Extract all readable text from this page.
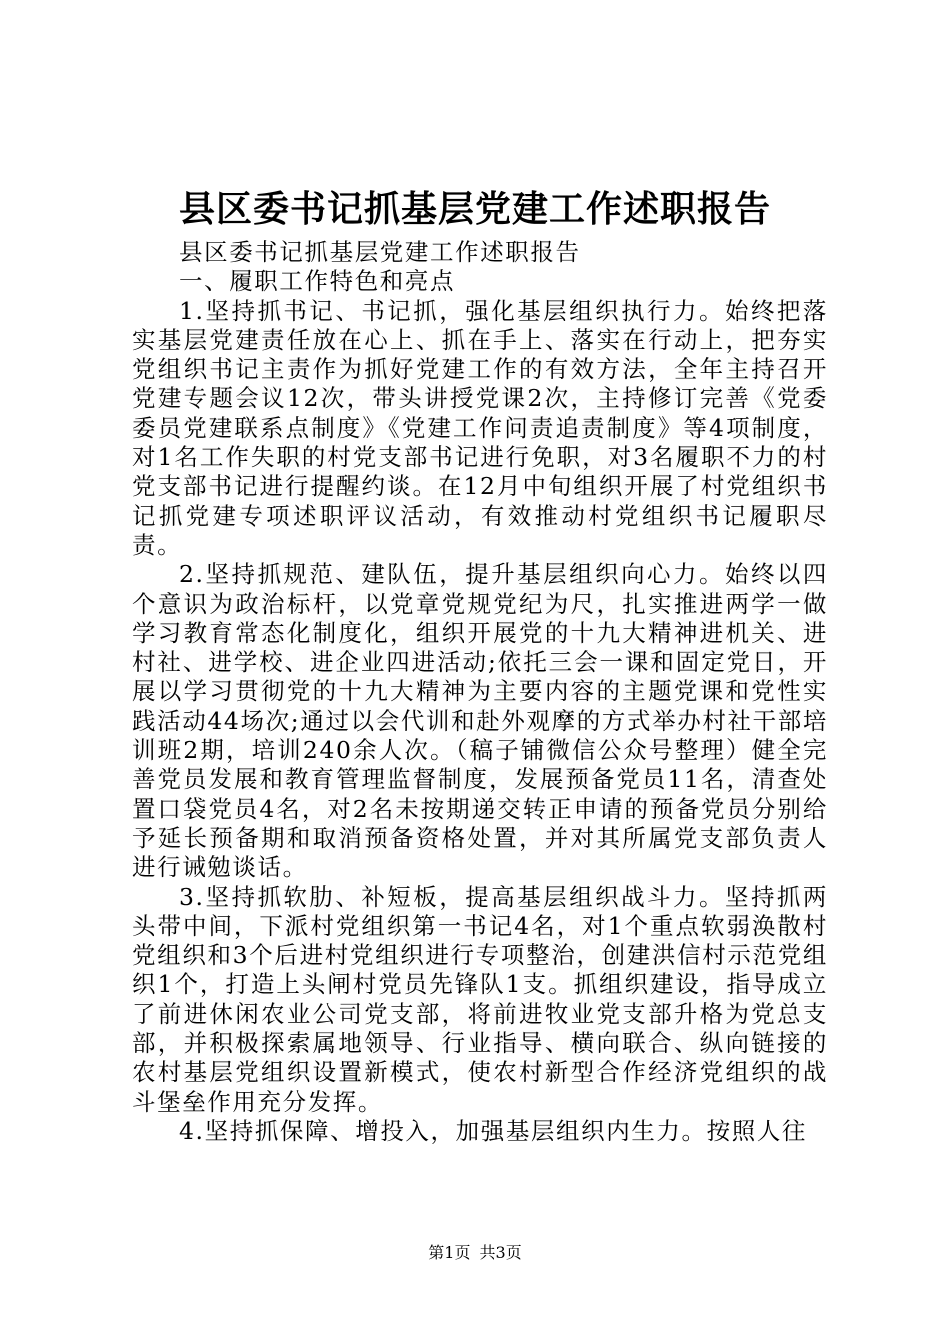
县区委书记抓基层党建工作述职报告

县区委书记抓基层党建工作述职报告

一、履职工作特色和亮点

1.坚持抓书记、书记抓，强化基层组织执行力。始终把落实基层党建责任放在心上、抓在手上、落实在行动上，把夯实党组织书记主责作为抓好党建工作的有效方法，全年主持召开党建专题会议12次，带头讲授党课2次，主持修订完善《党委委员党建联系点制度》《党建工作问责追责制度》等4项制度，对1名工作失职的村党支部书记进行免职，对3名履职不力的村党支部书记进行提醒约谈。在12月中旬组织开展了村党组织书记抓党建专项述职评议活动，有效推动村党组织书记履职尽责。

2.坚持抓规范、建队伍，提升基层组织向心力。始终以四个意识为政治标杆，以党章党规党纪为尺，扎实推进两学一做学习教育常态化制度化，组织开展党的十九大精神进机关、进村社、进学校、进企业四进活动;依托三会一课和固定党日，开展以学习贯彻党的十九大精神为主要内容的主题党课和党性实践活动44场次;通过以会代训和赴外观摩的方式举办村社干部培训班2期，培训240余人次。（稿子铺微信公众号整理）健全完善党员发展和教育管理监督制度，发展预备党员11名，清查处置口袋党员4名，对2名未按期递交转正申请的预备党员分别给予延长预备期和取消预备资格处置，并对其所属党支部负责人进行诫勉谈话。

3.坚持抓软肋、补短板，提高基层组织战斗力。坚持抓两头带中间，下派村党组织第一书记4名，对1个重点软弱涣散村党组织和3个后进村党组织进行专项整治，创建洪信村示范党组织1个，打造上头闸村党员先锋队1支。抓组织建设，指导成立了前进休闲农业公司党支部，将前进牧业党支部升格为党总支部，并积极探索属地领导、行业指导、横向联合、纵向链接的农村基层党组织设置新模式，使农村新型合作经济党组织的战斗堡垒作用充分发挥。

4.坚持抓保障、增投入，加强基层组织内生力。按照人往

第1页 共3页
